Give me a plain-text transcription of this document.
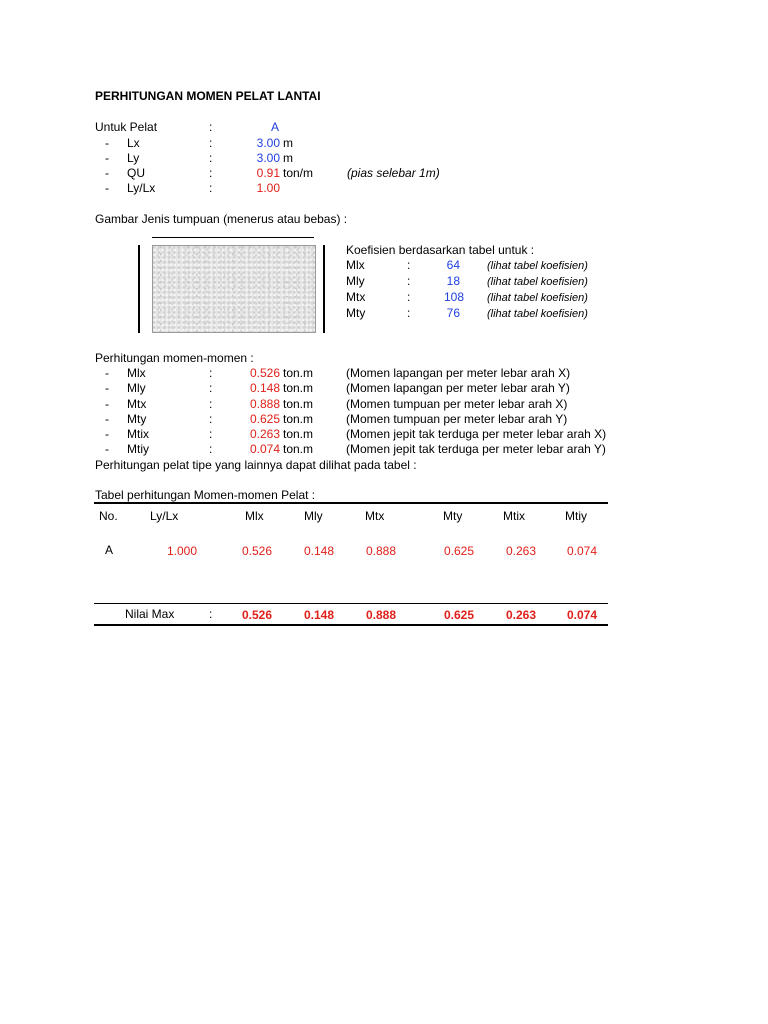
PERHITUNGAN MOMEN PELAT LANTAI
Untuk Pelat	:	A
- Lx	:	3.00 m
- Ly	:	3.00 m
- QU	:	0.91 ton/m	(pias selebar 1m)
- Ly/Lx	:	1.00
Gambar Jenis tumpuan (menerus atau bebas) :
Koefisien berdasarkan tabel untuk :
Mlx	:	64 (lihat tabel koefisien)
Mly	:	18 (lihat tabel koefisien)
Mtx	:	108 (lihat tabel koefisien)
Mty	:	76 (lihat tabel koefisien)
Perhitungan momen-momen :
- Mlx	:	0.526 ton.m	(Momen lapangan per meter lebar arah X)
- Mly	:	0.148 ton.m	(Momen lapangan per meter lebar arah Y)
- Mtx	:	0.888 ton.m	(Momen tumpuan per meter lebar arah X)
- Mty	:	0.625 ton.m	(Momen tumpuan per meter lebar arah Y)
- Mtix	:	0.263 ton.m	(Momen jepit tak terduga per meter lebar arah X)
- Mtiy	:	0.074 ton.m	(Momen jepit tak terduga per meter lebar arah Y)
Perhitungan pelat tipe yang lainnya dapat dilihat pada tabel :
Tabel perhitungan Momen-momen Pelat :
No.	Ly/Lx	Mlx	Mly	Mtx	Mty	Mtix	Mtiy
A	1.000	0.526	0.148	0.888	0.625	0.263	0.074
Nilai Max	: 0.526	0.148	0.888	0.625	0.263	0.074
